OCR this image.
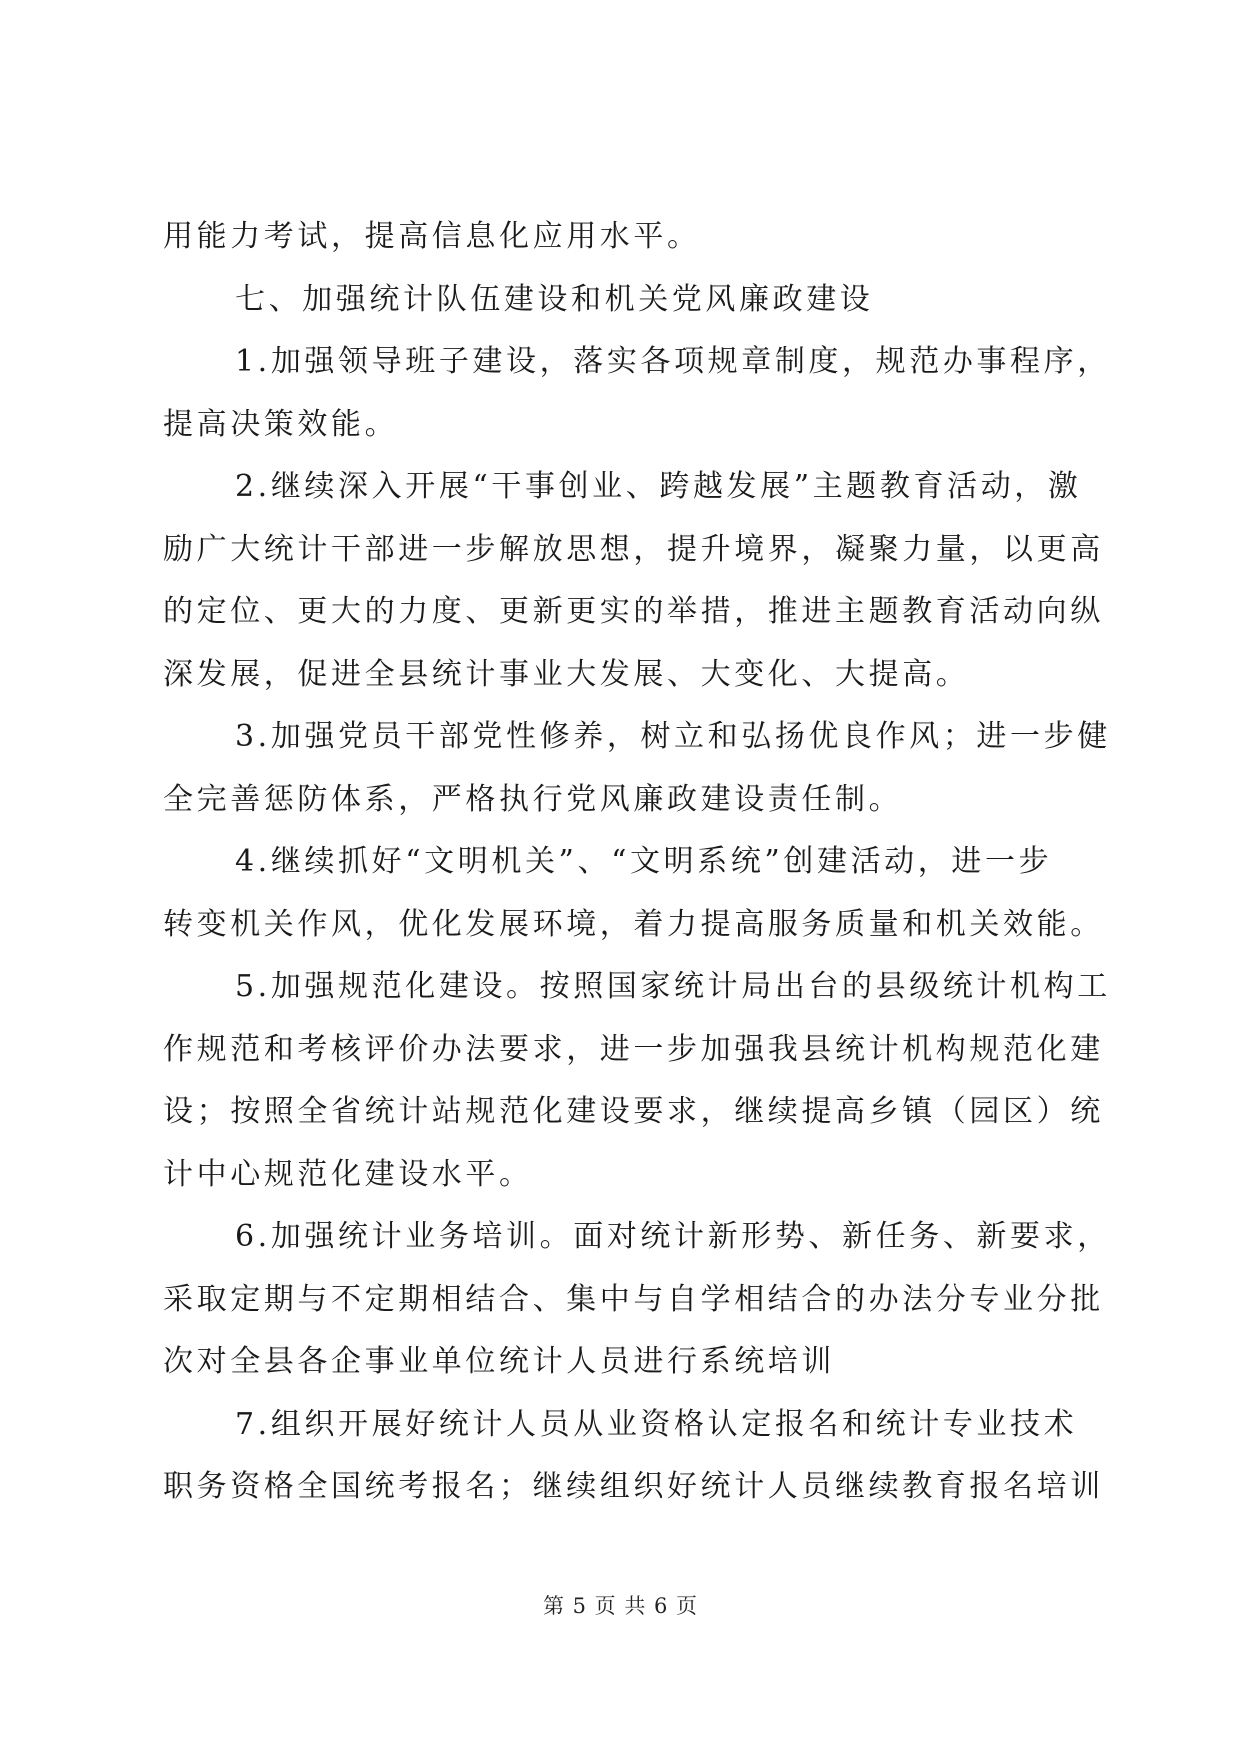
用能力考试，提高信息化应用水平。
七、加强统计队伍建设和机关党风廉政建设
1.加强领导班子建设，落实各项规章制度，规范办事程序，
提高决策效能。
2.继续深入开展“干事创业、跨越发展”主题教育活动，激
励广大统计干部进一步解放思想，提升境界，凝聚力量，以更高
的定位、更大的力度、更新更实的举措，推进主题教育活动向纵
深发展，促进全县统计事业大发展、大变化、大提高。
3.加强党员干部党性修养，树立和弘扬优良作风；进一步健
全完善惩防体系，严格执行党风廉政建设责任制。
4.继续抓好“文明机关”、“文明系统”创建活动，进一步
转变机关作风，优化发展环境，着力提高服务质量和机关效能。
5.加强规范化建设。按照国家统计局出台的县级统计机构工
作规范和考核评价办法要求，进一步加强我县统计机构规范化建
设；按照全省统计站规范化建设要求，继续提高乡镇（园区）统
计中心规范化建设水平。
6.加强统计业务培训。面对统计新形势、新任务、新要求，
采取定期与不定期相结合、集中与自学相结合的办法分专业分批
次对全县各企事业单位统计人员进行系统培训
7.组织开展好统计人员从业资格认定报名和统计专业技术
职务资格全国统考报名；继续组织好统计人员继续教育报名培训
第 5 页 共 6 页
